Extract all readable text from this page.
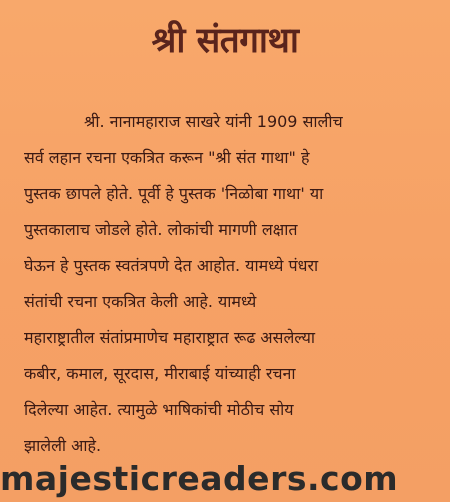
श्री संतगाथा
श्री. नानामहाराज साखरे यांनी 1909 सालीच
सर्व लहान रचना एकत्रित करून "श्री संत गाथा" हे
पुस्तक छापले होते. पूर्वी हे पुस्तक 'निळोबा गाथा' या
पुस्तकालाच जोडले होते. लोकांची मागणी लक्षात
घेऊन हे पुस्तक स्वतंत्रपणे देत आहोत. यामध्ये पंधरा
संतांची रचना एकत्रित केली आहे. यामध्ये
महाराष्ट्रातील संतांप्रमाणेच महाराष्ट्रात रूढ असलेल्या
कबीर, कमाल, सूरदास, मीराबाई यांच्याही रचना
दिलेल्या आहेत. त्यामुळे भाषिकांची मोठीच सोय
झालेली आहे.
majesticreaders.com
